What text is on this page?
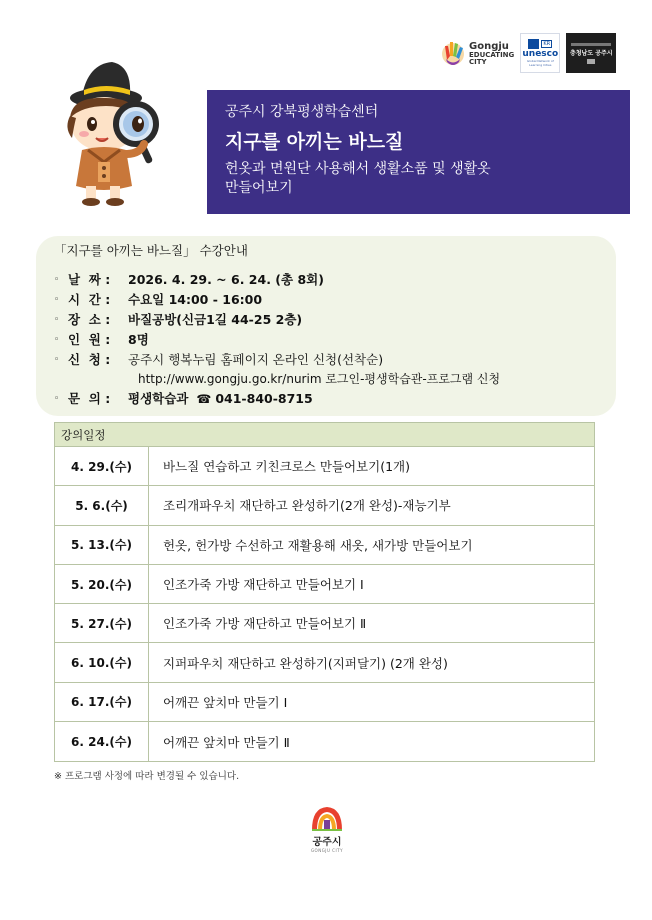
Gongju
EDUCATING
CITY
KR
unesco
Global Network of Learning Cities
충청남도 공주시
공주시 강북평생학습센터
지구를 아끼는 바느질
헌옷과 면원단 사용해서 생활소품 및 생활옷
만들어보기
「지구를 아끼는 바느질」 수강안내
◦ 날  짜 :	2026. 4. 29. ~ 6. 24. (총 8회)
◦ 시  간 :	수요일 14:00 - 16:00
◦ 장  소 :	바질공방(신금1길 44-25 2층)
◦ 인  원 :	8명
◦ 신  청 :	공주시 행복누림 홈페이지 온라인 신청(선착순)
http://www.gongju.go.kr/nurim 로그인-평생학습관-프로그램 신청
◦ 문  의 :	평생학습과 ☎ 041-840-8715
강의일정
4. 29.(수)	바느질 연습하고 키친크로스 만들어보기(1개)
5. 6.(수)	조리개파우치 재단하고 완성하기(2개 완성)-재능기부
5. 13.(수)	헌옷, 헌가방 수선하고 재활용해 새옷, 새가방 만들어보기
5. 20.(수)	인조가죽 가방 재단하고 만들어보기 Ⅰ
5. 27.(수)	인조가죽 가방 재단하고 만들어보기 Ⅱ
6. 10.(수)	지퍼파우치 재단하고 완성하기(지퍼달기) (2개 완성)
6. 17.(수)	어깨끈 앞치마 만들기 Ⅰ
6. 24.(수)	어깨끈 앞치마 만들기 Ⅱ
※ 프로그램 사정에 따라 변경될 수 있습니다.
공주시
GONGJU CITY
